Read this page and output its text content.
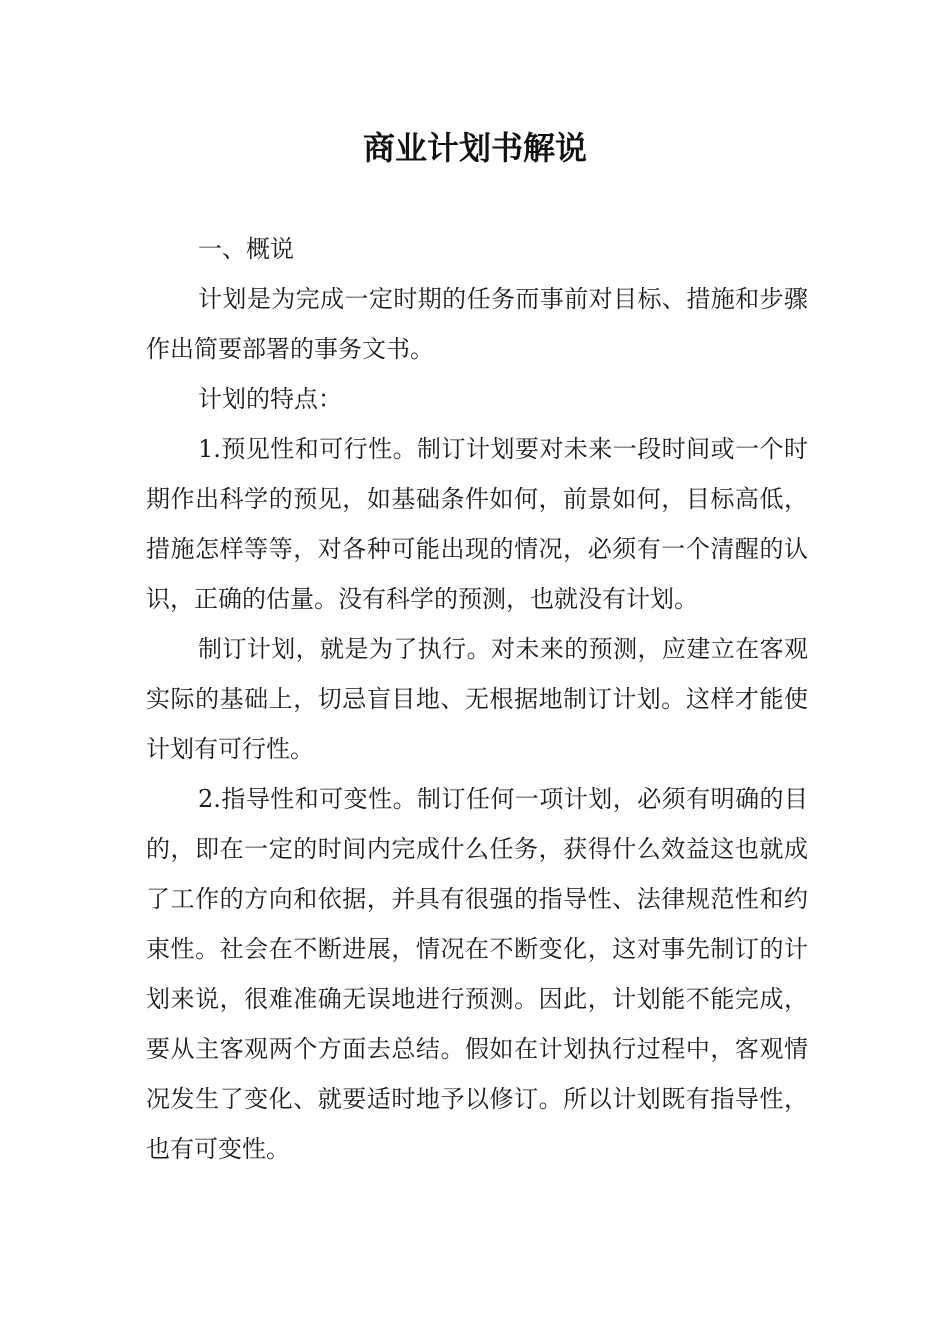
商业计划书解说

一、概说

计划是为完成一定时期的任务而事前对目标、措施和步骤作出简要部署的事务文书。

计划的特点：

1.预见性和可行性。制订计划要对未来一段时间或一个时期作出科学的预见，如基础条件如何，前景如何，目标高低，措施怎样等等，对各种可能出现的情况，必须有一个清醒的认识，正确的估量。没有科学的预测，也就没有计划。

制订计划，就是为了执行。对未来的预测，应建立在客观实际的基础上，切忌盲目地、无根据地制订计划。这样才能使计划有可行性。

2.指导性和可变性。制订任何一项计划，必须有明确的目的，即在一定的时间内完成什么任务，获得什么效益这也就成了工作的方向和依据，并具有很强的指导性、法律规范性和约束性。社会在不断进展，情况在不断变化，这对事先制订的计划来说，很难准确无误地进行预测。因此，计划能不能完成，要从主客观两个方面去总结。假如在计划执行过程中，客观情况发生了变化、就要适时地予以修订。所以计划既有指导性，也有可变性。
